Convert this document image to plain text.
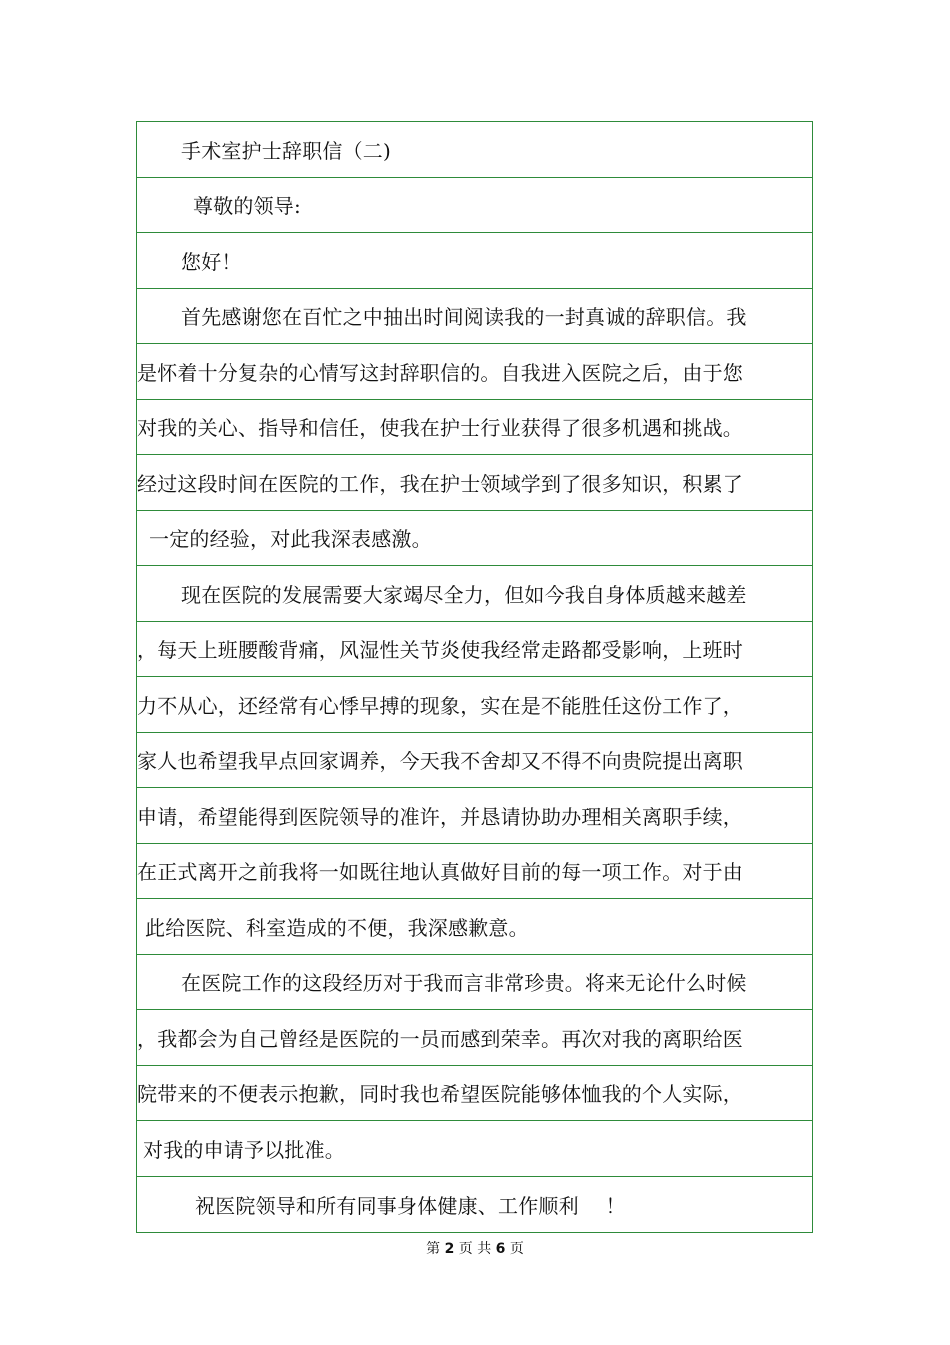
手术室护士辞职信（二)
尊敬的领导:
您好！
首先感谢您在百忙之中抽出时间阅读我的一封真诚的辞职信。我
是怀着十分复杂的心情写这封辞职信的。自我进入医院之后，由于您
对我的关心、指导和信任，使我在护士行业获得了很多机遇和挑战。
经过这段时间在医院的工作，我在护士领域学到了很多知识，积累了
一定的经验，对此我深表感激。
现在医院的发展需要大家竭尽全力，但如今我自身体质越来越差
，每天上班腰酸背痛，风湿性关节炎使我经常走路都受影响，上班时
力不从心，还经常有心悸早搏的现象，实在是不能胜任这份工作了，
家人也希望我早点回家调养，今天我不舍却又不得不向贵院提出离职
申请，希望能得到医院领导的准许，并恳请协助办理相关离职手续，
在正式离开之前我将一如既往地认真做好目前的每一项工作。对于由
此给医院、科室造成的不便，我深感歉意。
在医院工作的这段经历对于我而言非常珍贵。将来无论什么时候
，我都会为自己曾经是医院的一员而感到荣幸。再次对我的离职给医
院带来的不便表示抱歉，同时我也希望医院能够体恤我的个人实际，
对我的申请予以批准。
祝医院领导和所有同事身体健康、工作顺利　 ！
第 2 页 共 6 页
